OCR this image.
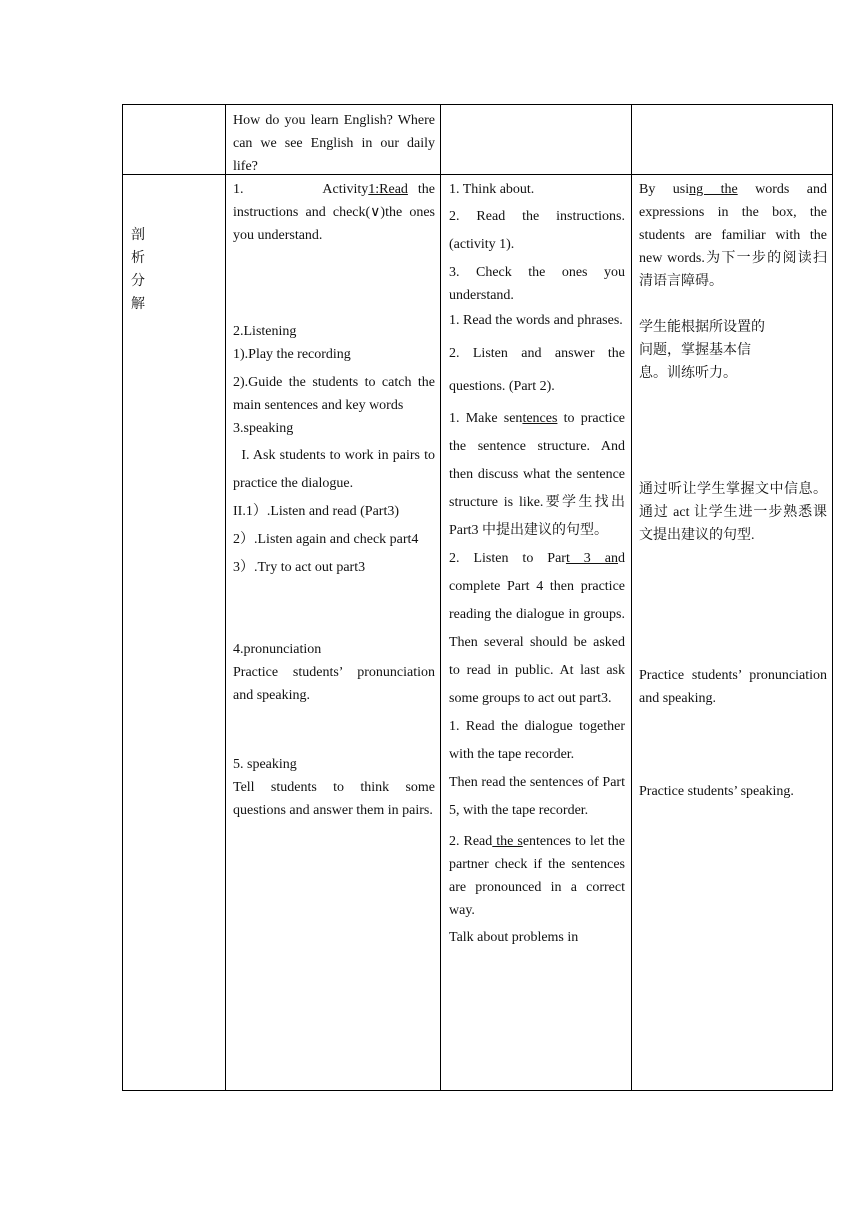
How do you learn English? Where can we see English in our daily life?

剖
析
分
解

1.        Activity1:Read the instructions and check(∨)the ones you understand.

2.Listening

1).Play the recording

2).Guide the students to catch the main sentences and key words

3.speaking

I. Ask students to work in pairs to practice the dialogue.

II.1）.Listen and read (Part3)

2）.Listen again and check part4

3）.Try to act out part3

4.pronunciation

Practice students’ pronunciation and speaking.

5. speaking

Tell students to think some questions and answer them in pairs.

1. Think about.

2. Read the instructions. (activity 1).

3. Check the ones you understand.

1. Read the words and phrases.

2. Listen and answer the questions. (Part 2).

1. Make sentences to practice the sentence structure. And then discuss what the sentence structure is like.要学生找出 Part3 中提出建议的句型。

2. Listen to Part 3 and complete Part 4 then practice reading the dialogue in groups. Then several should be asked to read in public. At last ask some groups to act out part3.

1. Read the dialogue together with the tape recorder.

Then read the sentences of Part 5, with the tape recorder.

2. Read the sentences to let the partner check if the sentences are pronounced in a correct way.

Talk about problems in

By using the words and expressions in the box, the students are familiar with the new words.为下一步的阅读扫清语言障碍。

学生能根据所设置的问题，掌握基本信息。训练听力。

通过听让学生掌握文中信息。通过 act 让学生进一步熟悉课文提出建议的句型.

Practice students’ pronunciation and speaking.

Practice students’ speaking.
